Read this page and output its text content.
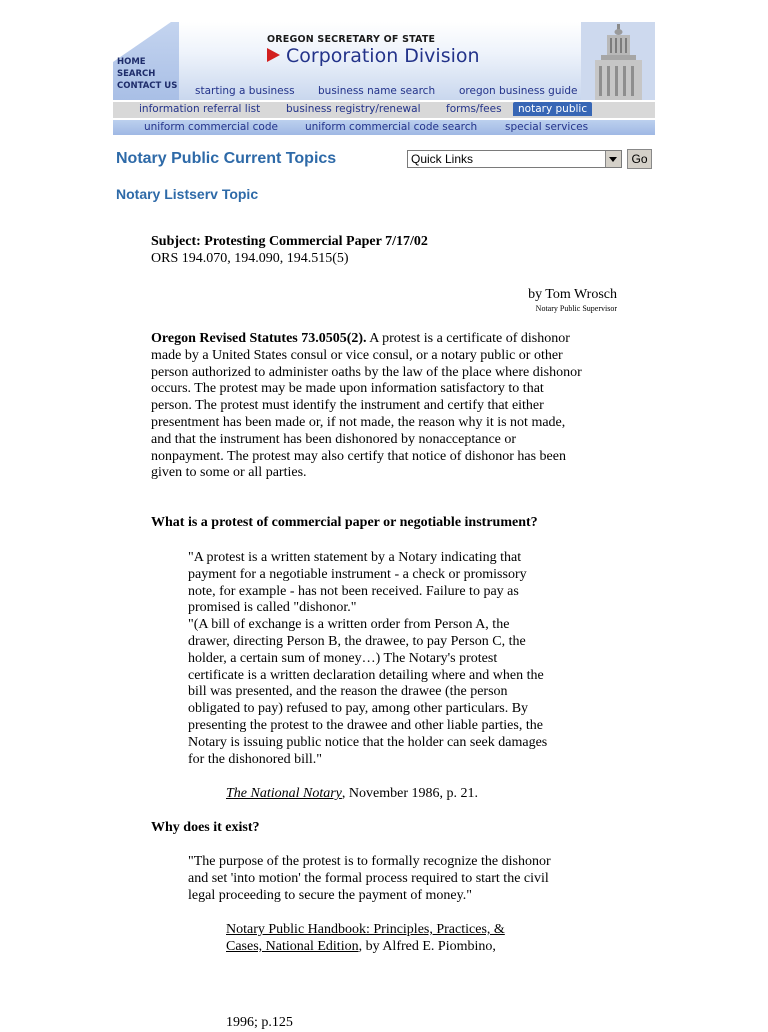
HOME
SEARCH
CONTACT US
OREGON SECRETARY OF STATE
Corporation Division
starting a business business name search oregon business guide
information referral list business registry/renewal forms/fees	notary public
uniform commercial code	uniform commercial code search	special services
Notary Public Current Topics	Quick Links	Go
Notary Listserv Topic
Subject: Protesting Commercial Paper 7/17/02
ORS 194.070, 194.090, 194.515(5)
by Tom Wrosch
Notary Public Supervisor
Oregon Revised Statutes 73.0505(2). A protest is a certificate of dishonor
made by a United States consul or vice consul, or a notary public or other
person authorized to administer oaths by the law of the place where dishonor
occurs. The protest may be made upon information satisfactory to that
person. The protest must identify the instrument and certify that either
presentment has been made or, if not made, the reason why it is not made,
and that the instrument has been dishonored by nonacceptance or
nonpayment. The protest may also certify that notice of dishonor has been
given to some or all parties.
What is a protest of commercial paper or negotiable instrument?
"A protest is a written statement by a Notary indicating that
payment for a negotiable instrument - a check or promissory
note, for example - has not been received. Failure to pay as
promised is called "dishonor."
"(A bill of exchange is a written order from Person A, the
drawer, directing Person B, the drawee, to pay Person C, the
holder, a certain sum of money…) The Notary's protest
certificate is a written declaration detailing where and when the
bill was presented, and the reason the drawee (the person
obligated to pay) refused to pay, among other particulars. By
presenting the protest to the drawee and other liable parties, the
Notary is issuing public notice that the holder can seek damages
for the dishonored bill."
The National Notary, November 1986, p. 21.
Why does it exist?
"The purpose of the protest is to formally recognize the dishonor
and set 'into motion' the formal process required to start the civil
legal proceeding to secure the payment of money."
Notary Public Handbook: Principles, Practices, &
Cases, National Edition, by Alfred E. Piombino,
1996; p.125
